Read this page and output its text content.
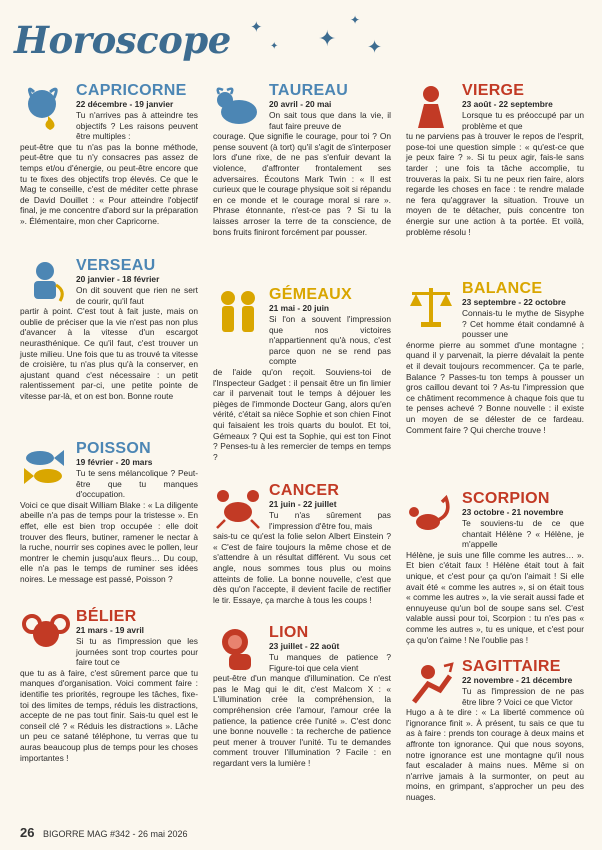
Horoscope ✦
✦ ✦
✦
✦
CAPRICORNE
22 décembre - 19 janvier
Tu n'arrives pas à atteindre tes objectifs ? Les raisons peuvent être multiples :
peut-être que tu n'as pas la bonne méthode, peut-être que tu n'y consacres pas assez de temps et/ou d'énergie, ou peut-être encore que tu te fixes des objectifs trop élevés. Ce que le Mag te conseille, c'est de méditer cette phrase de David Douillet : « Pour atteindre l'objectif final, je me concentre d'abord sur la préparation ». Élémentaire, mon cher Capricorne.
VERSEAU
20 janvier - 18 février
On dit souvent que rien ne sert de courir, qu'il faut
partir à point. C'est tout à fait juste, mais on oublie de préciser que la vie n'est pas non plus d'avancer à la vitesse d'un escargot neurasthénique. Ce qu'il faut, c'est trouver un juste milieu. Une fois que tu as trouvé ta vitesse de croisière, tu n'as plus qu'à la conserver, en ajustant quand c'est nécessaire : un petit ralentissement par-ci, une petite pointe de vitesse par-là, et on est bon. Bonne route
POISSON
19 février - 20 mars
Tu te sens mélancolique ? Peut-être que tu manques d'occupation.
Voici ce que disait William Blake : « La diligente abeille n'a pas de temps pour la tristesse ». En effet, elle est bien trop occupée : elle doit trouver des fleurs, butiner, ramener le nectar à la ruche, nourrir ses copines avec le pollen, leur montrer le chemin jusqu'aux fleurs… Du coup, elle n'a pas le temps de ruminer ses idées noires. Le message est passé, Poisson ?
BÉLIER
21 mars - 19 avril
Si tu as l'impression que les journées sont trop courtes pour faire tout ce
que tu as à faire, c'est sûrement parce que tu manques d'organisation. Voici comment faire : identifie tes priorités, regroupe les tâches, fixe-toi des limites de temps, réduis les distractions, accepte de ne pas tout finir. Sais-tu quel est le conseil clé ? « Réduis les distractions ». Lâche un peu ce satané téléphone, tu verras que tu auras beaucoup plus de temps pour les choses importantes !
TAUREAU
20 avril - 20 mai
On sait tous que dans la vie, il faut faire preuve de
courage. Que signifie le courage, pour toi ? On pense souvent (à tort) qu'il s'agit de s'interposer lors d'une rixe, de ne pas s'enfuir devant la violence, d'affronter frontalement ses adversaires. Écoutons Mark Twin : « Il est curieux que le courage physique soit si répandu en ce monde et le courage moral si rare ». Phrase étonnante, n'est-ce pas ? Si tu la laisses arroser la terre de ta conscience, de bons fruits finiront forcément par pousser.
GÉMEAUX
21 mai - 20 juin
Si l'on a souvent l'impression que nos victoires n'appartiennent qu'à nous, c'est parce quon ne se rend pas compte
de l'aide qu'on reçoit. Souviens-toi de l'Inspecteur Gadget : il pensait être un fin limier car il parvenait tout le temps à déjouer les pièges de l'immonde Docteur Gang, alors qu'en vérité, c'était sa nièce Sophie et son chien Finot qui faisaient les trois quarts du boulot. Et toi, Gémeaux ? Qui est ta Sophie, qui est ton Finot ? Penses-tu à les remercier de temps en temps ?
CANCER
21 juin - 22 juillet
Tu n'as sûrement pas l'impression d'être fou, mais
sais-tu ce qu'est la folie selon Albert Einstein ? « C'est de faire toujours la même chose et de s'attendre à un résultat différent. Vu sous cet angle, nous sommes tous plus ou moins atteints de folie. La bonne nouvelle, c'est que dès qu'on l'accepte, il devient facile de rectifier le tir. Essaye, ça marche à tous les coups !
LION
23 juillet - 22 août
Tu manques de patience ? Figure-toi que cela vient
peut-être d'un manque d'illumination. Ce n'est pas le Mag qui le dit, c'est Malcom X : « L'illumination crée la compréhension, la compréhension crée l'amour, l'amour crée la patience, la patience crée l'unité ». C'est donc une bonne nouvelle : ta recherche de patience peut mener à trouver l'unité. Tu te demandes comment trouver l'illumination ? Facile : en regardant vers la lumière !
VIERGE
23 août - 22 septembre
Lorsque tu es préoccupé par un problème et que
tu ne parviens pas à trouver le repos de l'esprit, pose-toi une question simple : « qu'est-ce que je peux faire ? ». Si tu peux agir, fais-le sans tarder ; une fois ta tâche accomplie, tu trouveras la paix. Si tu ne peux rien faire, alors regarde les choses en face : te rendre malade ne fera qu'aggraver la situation. Trouve un moyen de te détacher, puis concentre ton énergie sur une action à ta portée. Et voilà, problème résolu !
BALANCE
23 septembre - 22 octobre
Connais-tu le mythe de Sisyphe ? Cet homme était condamné à pousser une
énorme pierre au sommet d'une montagne ; quand il y parvenait, la pierre dévalait la pente et il devait toujours recommencer. Ça te parle, Balance ? Passes-tu ton temps à pousser un gros caillou devant toi ? As-tu l'impression que ce châtiment recommence à chaque fois que tu te penses achevé ? Bonne nouvelle : il existe un moyen de se délester de ce fardeau. Comment faire ? Qui cherche trouve !
SCORPION
23 octobre - 21 novembre
Te souviens-tu de ce que chantait Hélène ? « Hélène, je m'appelle
Hélène, je suis une fille comme les autres… ». Et bien c'était faux ! Hélène était tout à fait unique, et c'est pour ça qu'on l'aimait ! Si elle avait été « comme les autres », si on était tous « comme les autres », la vie serait aussi fade et ennuyeuse qu'un bol de soupe sans sel. C'est valable aussi pour toi, Scorpion : tu n'es pas « comme les autres », tu es unique, et c'est pour ça qu'on t'aime ! Ne l'oublie pas !
SAGITTAIRE
22 novembre - 21 décembre
Tu as l'impression de ne pas être libre ? Voici ce que Victor
Hugo a à te dire : « La liberté commence où l'ignorance finit ». À présent, tu sais ce que tu as à faire : prends ton courage à deux mains et affronte ton ignorance. Qui que nous soyons, notre ignorance est une montagne qu'il nous faut escalader à mains nues. Même si on n'arrive jamais à la surmonter, on peut au moins, en grimpant, s'approcher un peu des nuages.
26 BIGORRE MAG #342 - 26 mai 2026
